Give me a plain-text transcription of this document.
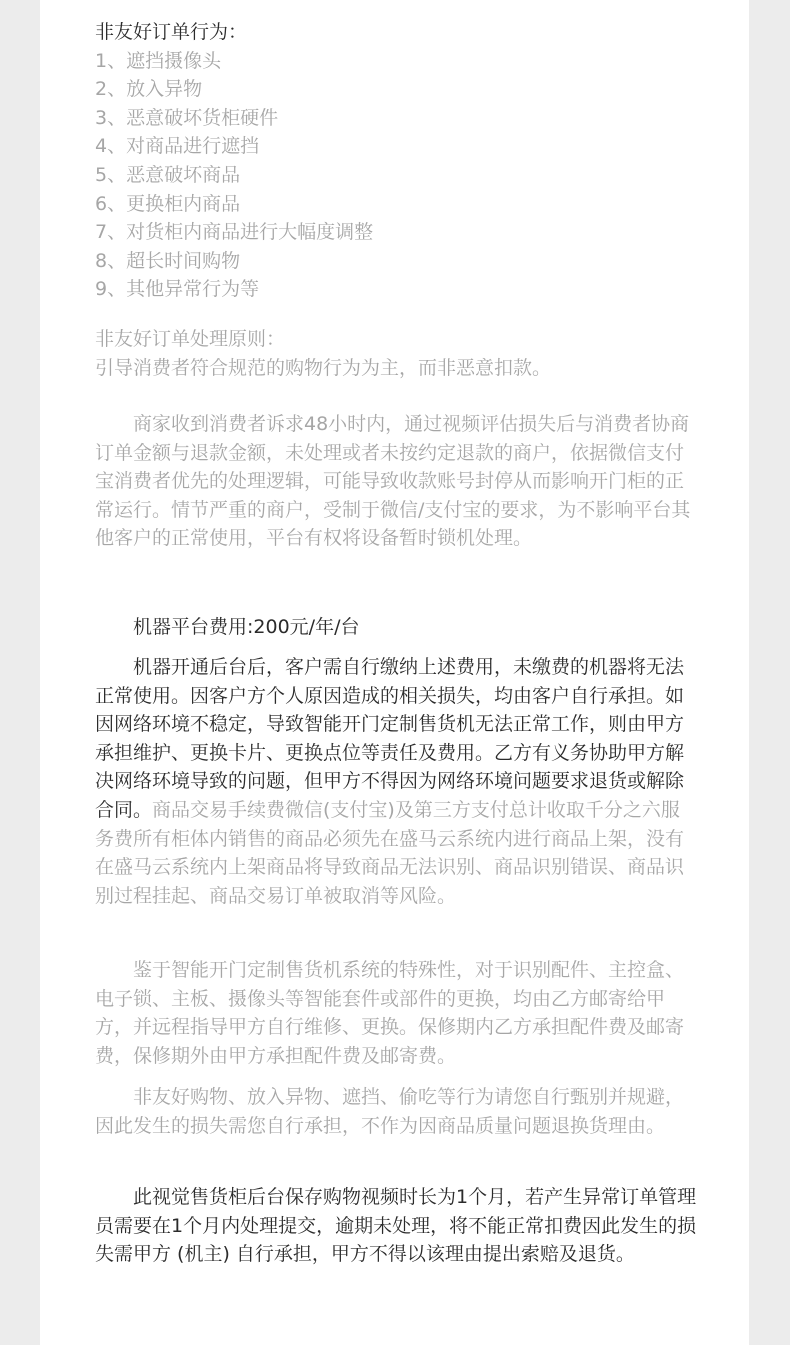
非友好订单行为：

1、遮挡摄像头
2、放入异物
3、恶意破坏货柜硬件
4、对商品进行遮挡
5、恶意破坏商品
6、更换柜内商品
7、对货柜内商品进行大幅度调整
8、超长时间购物
9、其他异常行为等

非友好订单处理原则：

引导消费者符合规范的购物行为为主，而非恶意扣款。

商家收到消费者诉求48小时内，通过视频评估损失后与消费者协商订单金额与退款金额，未处理或者未按约定退款的商户，依据微信支付宝消费者优先的处理逻辑，可能导致收款账号封停从而影响开门柜的正常运行。情节严重的商户，受制于微信/支付宝的要求，为不影响平台其他客户的正常使用，平台有权将设备暂时锁机处理。

机器平台费用:200元/年/台

机器开通后台后，客户需自行缴纳上述费用，未缴费的机器将无法正常使用。因客户方个人原因造成的相关损失，均由客户自行承担。如因网络环境不稳定，导致智能开门定制售货机无法正常工作，则由甲方承担维护、更换卡片、更换点位等责任及费用。乙方有义务协助甲方解决网络环境导致的问题，但甲方不得因为网络环境问题要求退货或解除合同。商品交易手续费微信(支付宝)及第三方支付总计收取千分之六服务费所有柜体内销售的商品必须先在盛马云系统内进行商品上架，没有在盛马云系统内上架商品将导致商品无法识别、商品识别错误、商品识别过程挂起、商品交易订单被取消等风险。

鉴于智能开门定制售货机系统的特殊性，对于识别配件、主控盒、电子锁、主板、摄像头等智能套件或部件的更换，均由乙方邮寄给甲方，并远程指导甲方自行维修、更换。保修期内乙方承担配件费及邮寄费，保修期外由甲方承担配件费及邮寄费。

非友好购物、放入异物、遮挡、偷吃等行为请您自行甄别并规避，因此发生的损失需您自行承担，不作为因商品质量问题退换货理由。

此视觉售货柜后台保存购物视频时长为1个月，若产生异常订单管理员需要在1个月内处理提交，逾期未处理，将不能正常扣费因此发生的损失需甲方 (机主) 自行承担，甲方不得以该理由提出索赔及退货。
